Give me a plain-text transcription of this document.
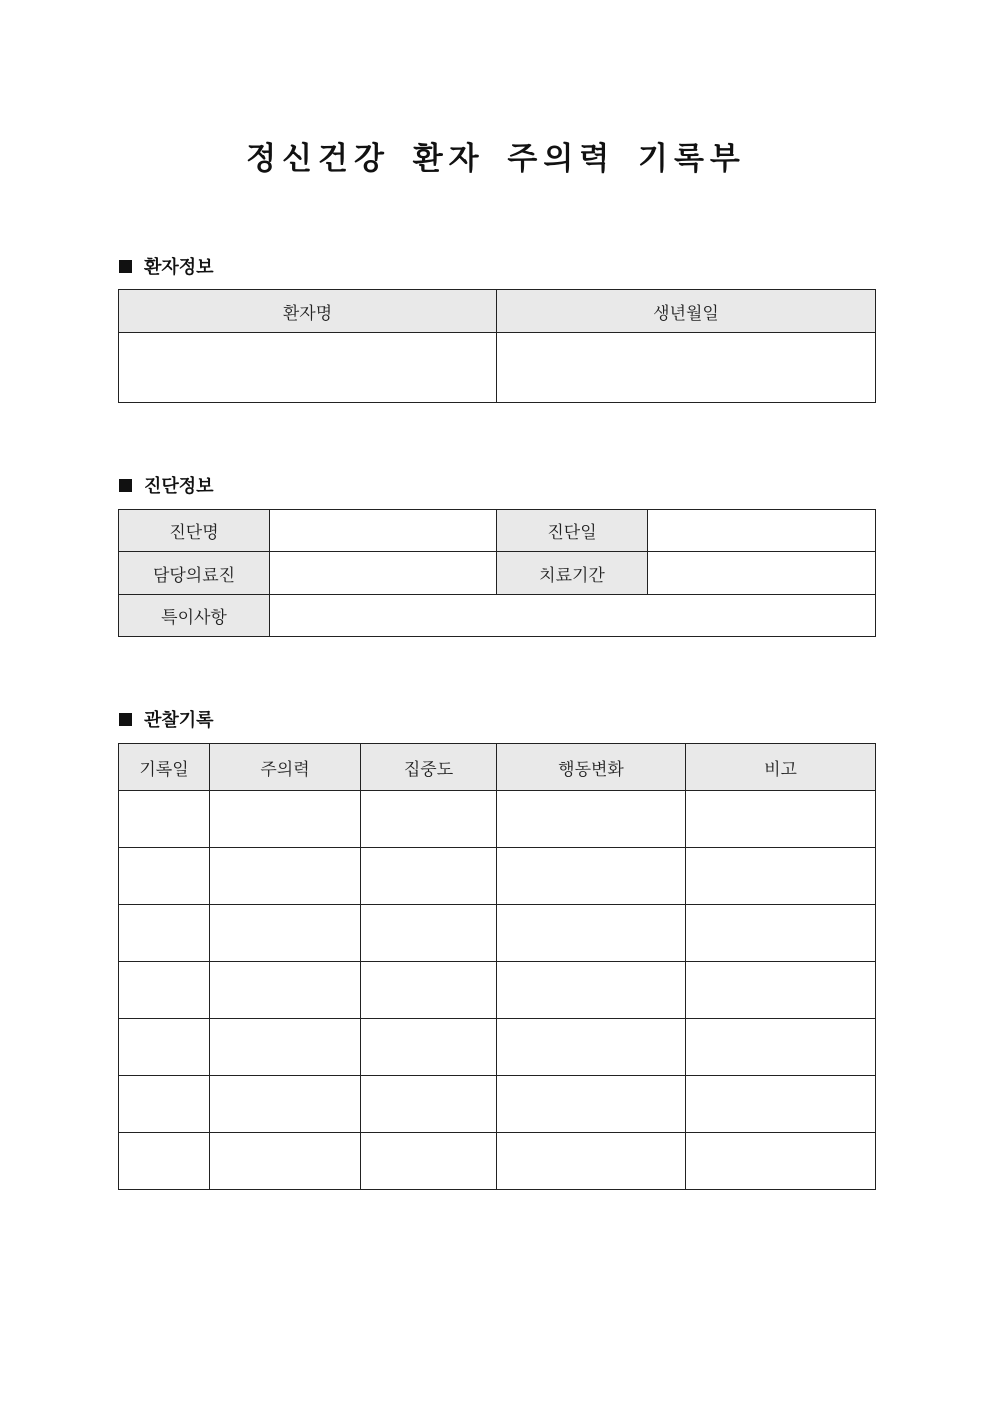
정신건강 환자 주의력 기록부
환자정보
환자명	생년월일

진단정보
진단명		진단일	
담당의료진		치료기간	
특이사항			
관찰기록
기록일	주의력	집중도	행동변화	비고
